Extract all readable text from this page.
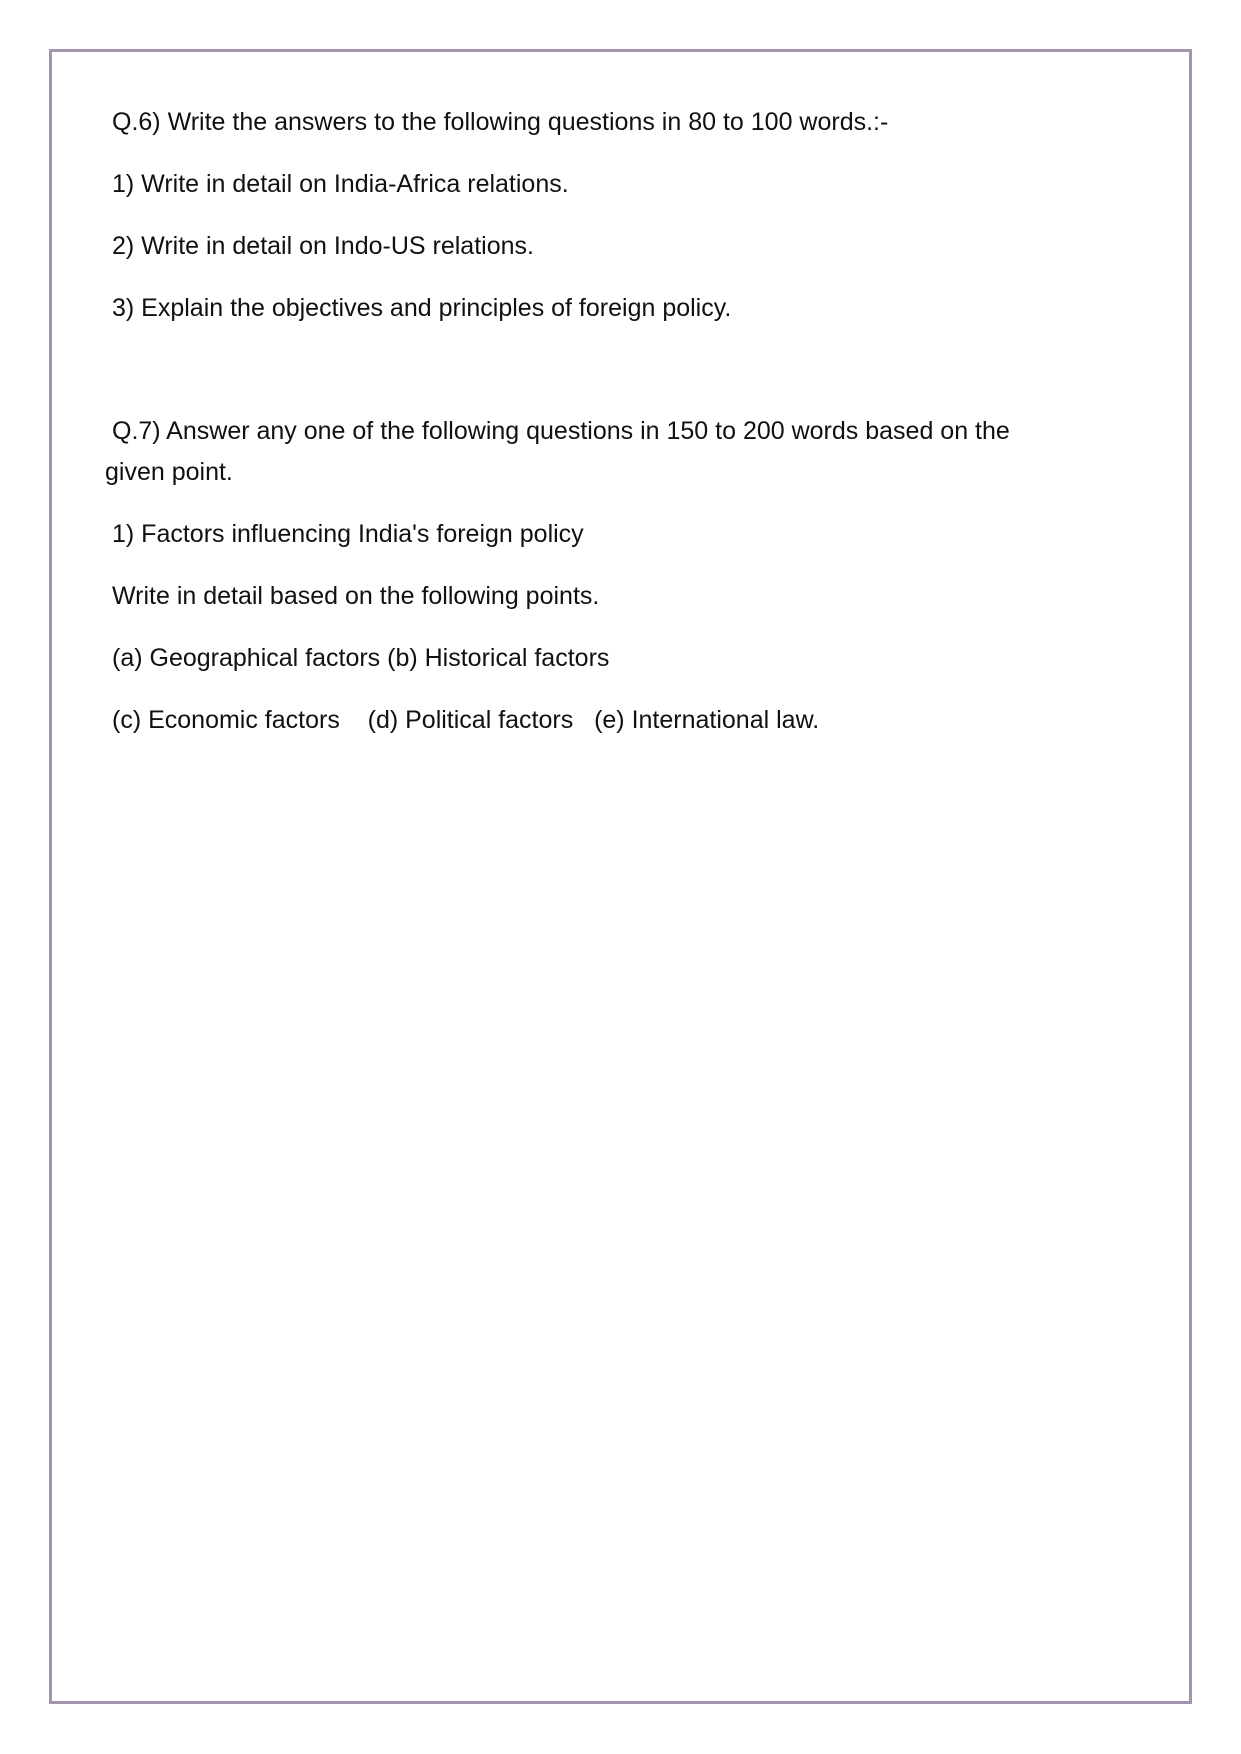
Q.6) Write the answers to the following questions in 80 to 100 words.:-

1) Write in detail on India-Africa relations.

2) Write in detail on Indo-US relations.

3) Explain the objectives and principles of foreign policy.

Q.7) Answer any one of the following questions in 150 to 200 words based on the

given point.

1) Factors influencing India's foreign policy

Write in detail based on the following points.

(a) Geographical factors (b) Historical factors

(c) Economic factors    (d) Political factors   (e) International law.
